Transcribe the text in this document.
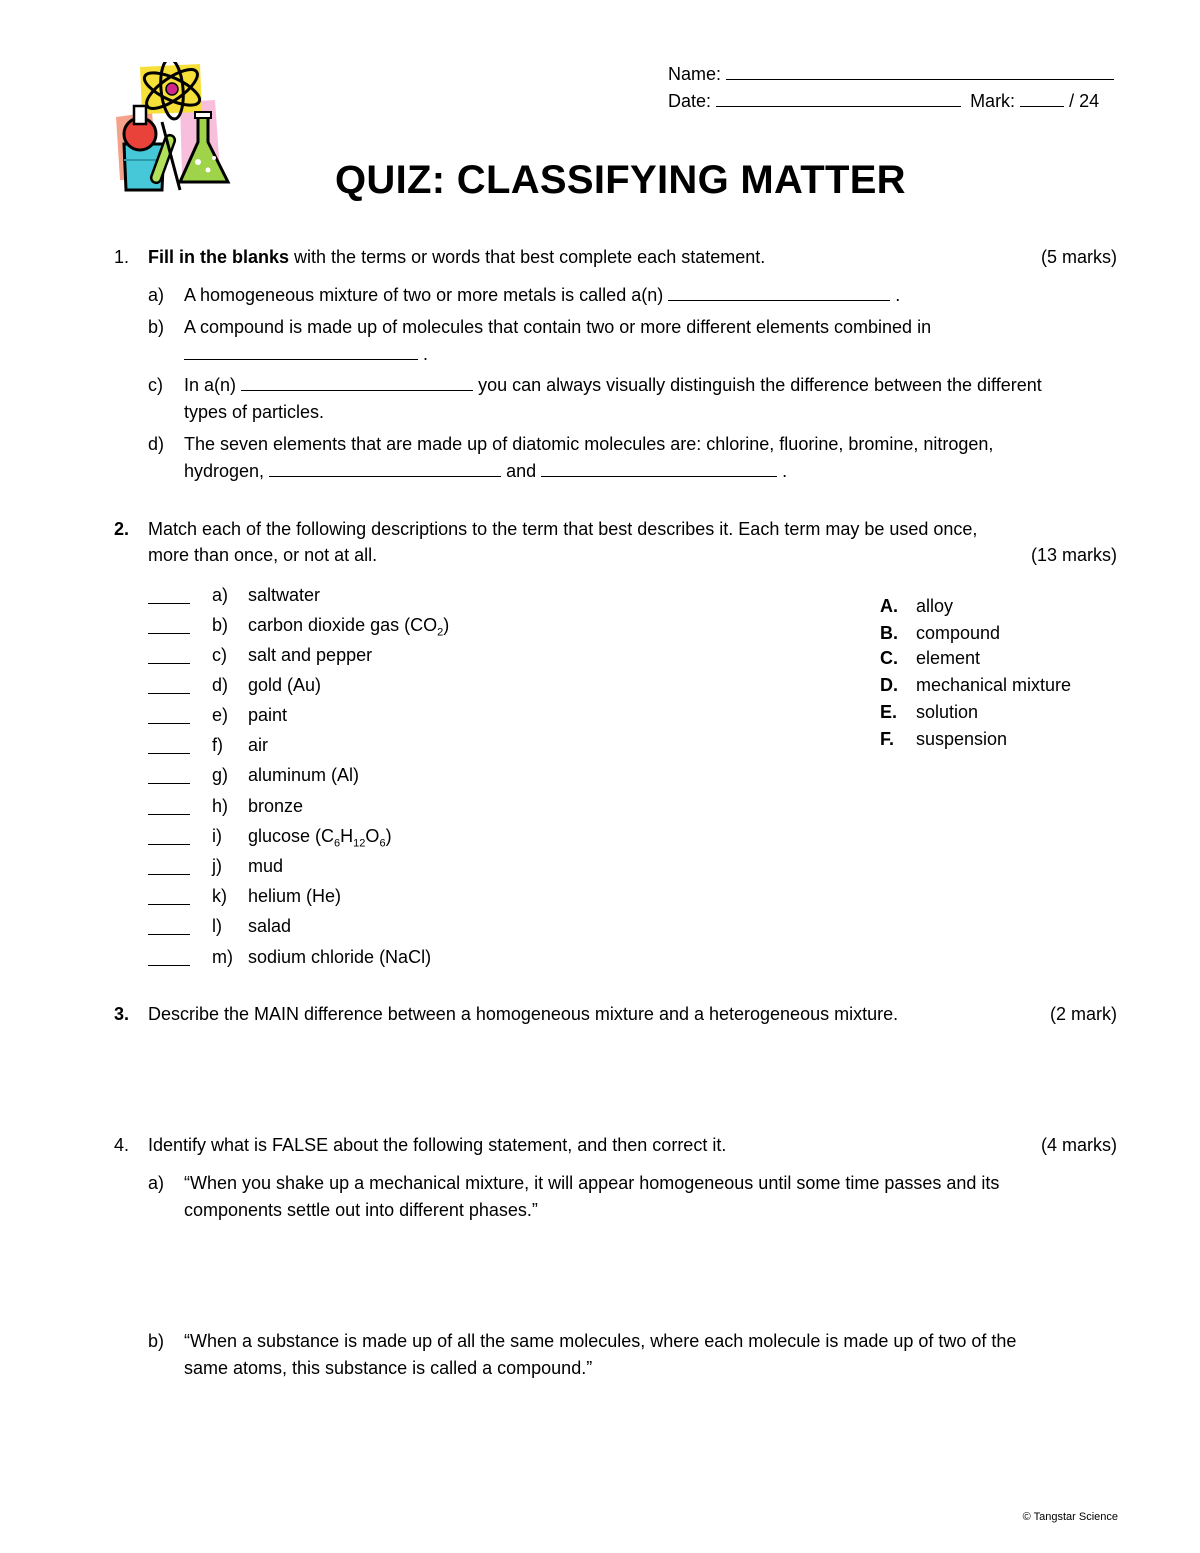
Name:
Date:	Mark:	/ 24
QUIZ: CLASSIFYING MATTER
1. Fill in the blanks with the terms or words that best complete each statement.	(5 marks)
a) A homogeneous mixture of two or more metals is called a(n)	.
b) A compound is made up of molecules that contain two or more different elements combined in
.
c) In a(n)	you can always visually distinguish the difference between the different
types of particles.
d) The seven elements that are made up of diatomic molecules are: chlorine, fluorine, bromine, nitrogen,
hydrogen,	and	.
2. Match each of the following descriptions to the term that best describes it. Each term may be used once,
more than once, or not at all.	(13 marks)
a) saltwater
b) carbon dioxide gas $(CO_2)$
c) salt and pepper
d) gold (Au)
e) paint
f) air
g) aluminum (Al)
h) bronze
i) glucose $(C_6H_{12}O_6)$
j) mud
k) helium (He)
l) salad
m) sodium chloride (NaCl)
A. alloy
B. compound
C. element
D. mechanical mixture
E. solution
F. suspension
3. Describe the MAIN difference between a homogeneous mixture and a heterogeneous mixture.	(2 mark)
4. Identify what is FALSE about the following statement, and then correct it.	(4 marks)
a) “When you shake up a mechanical mixture, it will appear homogeneous until some time passes and its
components settle out into different phases.”
b) “When a substance is made up of all the same molecules, where each molecule is made up of two of the
same atoms, this substance is called a compound.”
© Tangstar Science
